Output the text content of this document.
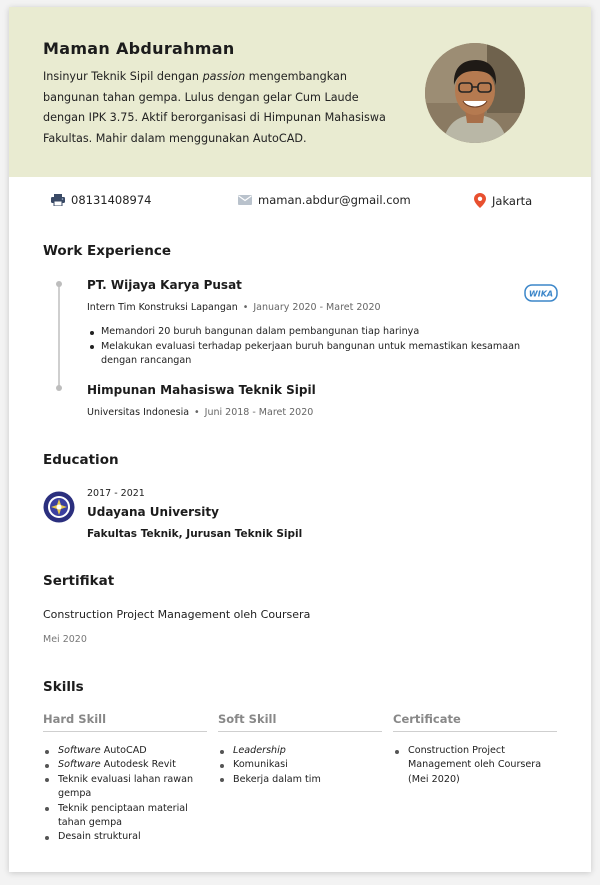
Maman Abdurahman
Insinyur Teknik Sipil dengan passion mengembangkan bangunan tahan gempa. Lulus dengan gelar Cum Laude dengan IPK 3.75. Aktif berorganisasi di Himpunan Mahasiswa Fakultas. Mahir dalam menggunakan AutoCAD.
08131408974	maman.abdur@gmail.com	Jakarta
Work Experience
PT. Wijaya Karya Pusat
Intern Tim Konstruksi Lapangan • January 2020 - Maret 2020
WIKA
Memandori 20 buruh bangunan dalam pembangunan tiap harinya
Melakukan evaluasi terhadap pekerjaan buruh bangunan untuk memastikan kesamaan dengan rancangan
Himpunan Mahasiswa Teknik Sipil
Universitas Indonesia • Juni 2018 - Maret 2020
Education
2017 - 2021
Udayana University
Fakultas Teknik, Jurusan Teknik Sipil
Sertifikat
Construction Project Management oleh Coursera
Mei 2020
Skills
Hard Skill
Software AutoCAD
Software Autodesk Revit
Teknik evaluasi lahan rawan gempa
Teknik penciptaan material tahan gempa
Desain struktural
Soft Skill
Leadership
Komunikasi
Bekerja dalam tim
Certificate
Construction Project Management oleh Coursera (Mei 2020)
